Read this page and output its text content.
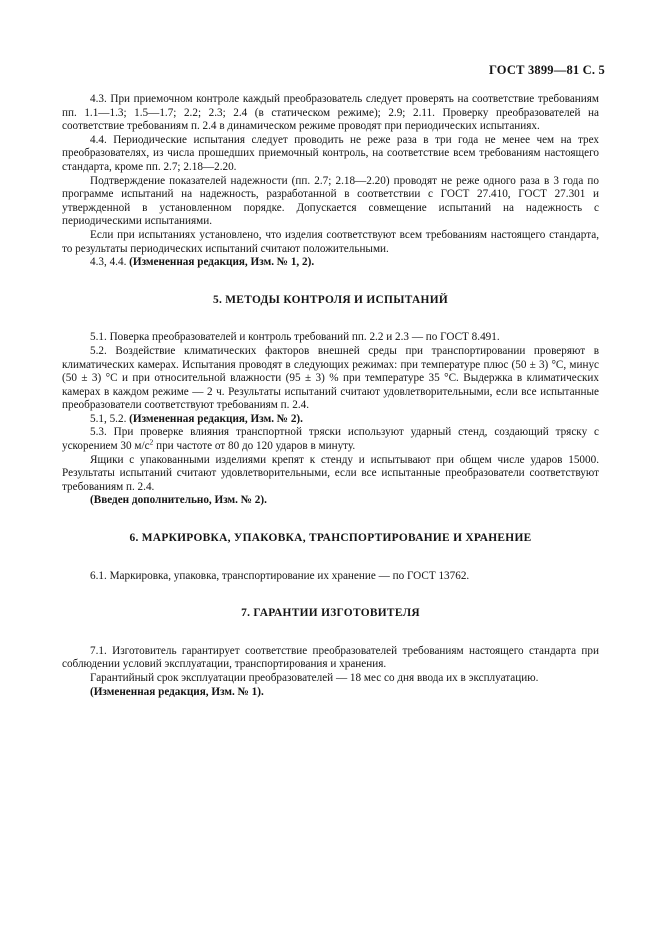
ГОСТ 3899—81 С. 5

4.3. При приемочном контроле каждый преобразователь следует проверять на соответствие требованиям пп. 1.1—1.3; 1.5—1.7; 2.2; 2.3; 2.4 (в статическом режиме); 2.9; 2.11. Проверку преобразователей на соответствие требованиям п. 2.4 в динамическом режиме проводят при периодических испытаниях.

4.4. Периодические испытания следует проводить не реже раза в три года не менее чем на трех преобразователях, из числа прошедших приемочный контроль, на соответствие всем требованиям настоящего стандарта, кроме пп. 2.7; 2.18—2.20.

Подтверждение показателей надежности (пп. 2.7; 2.18—2.20) проводят не реже одного раза в 3 года по программе испытаний на надежность, разработанной в соответствии с ГОСТ 27.410, ГОСТ 27.301 и утвержденной в установленном порядке. Допускается совмещение испытаний на надежность с периодическими испытаниями.

Если при испытаниях установлено, что изделия соответствуют всем требованиям настоящего стандарта, то результаты периодических испытаний считают положительными.

4.3, 4.4. (Измененная редакция, Изм. № 1, 2).

5. МЕТОДЫ КОНТРОЛЯ И ИСПЫТАНИЙ

5.1. Поверка преобразователей и контроль требований пп. 2.2 и 2.3 — по ГОСТ 8.491.

5.2. Воздействие климатических факторов внешней среды при транспортировании проверяют в климатических камерах. Испытания проводят в следующих режимах: при температуре плюс (50 ± 3) °С, минус (50 ± 3) °С и при относительной влажности (95 ± 3) % при температуре 35 °С. Выдержка в климатических камерах в каждом режиме — 2 ч. Результаты испытаний считают удовлетворительными, если все испытанные преобразователи соответствуют требованиям п. 2.4.

5.1, 5.2. (Измененная редакция, Изм. № 2).

5.3. При проверке влияния транспортной тряски используют ударный стенд, создающий тряску с ускорением 30 $м/с^2$ при частоте от 80 до 120 ударов в минуту.

Ящики с упакованными изделиями крепят к стенду и испытывают при общем числе ударов 15000. Результаты испытаний считают удовлетворительными, если все испытанные преобразователи соответствуют требованиям п. 2.4.

(Введен дополнительно, Изм. № 2).

6. МАРКИРОВКА, УПАКОВКА, ТРАНСПОРТИРОВАНИЕ И ХРАНЕНИЕ

6.1. Маркировка, упаковка, транспортирование их хранение — по ГОСТ 13762.

7. ГАРАНТИИ ИЗГОТОВИТЕЛЯ

7.1. Изготовитель гарантирует соответствие преобразователей требованиям настоящего стандарта при соблюдении условий эксплуатации, транспортирования и хранения.

Гарантийный срок эксплуатации преобразователей — 18 мес со дня ввода их в эксплуатацию.

(Измененная редакция, Изм. № 1).
